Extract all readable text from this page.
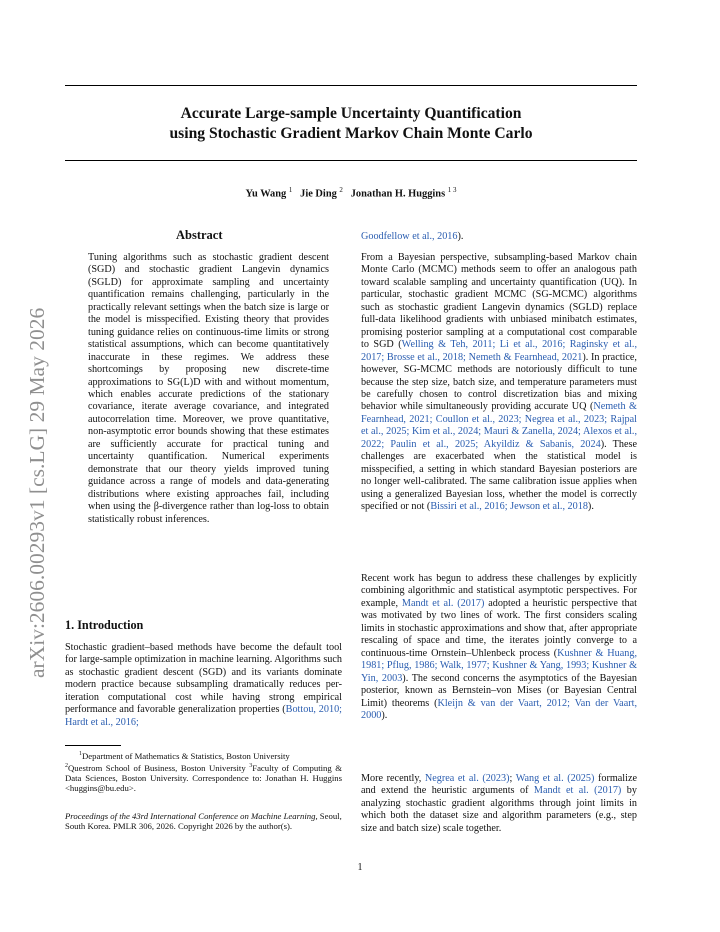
Accurate Large-sample Uncertainty Quantification
using Stochastic Gradient Markov Chain Monte Carlo
Yu Wang $^1$ Jie Ding $^2$ Jonathan H. Huggins $^{1 3}$
arXiv:2606.00293v1 [cs.LG] 29 May 2026
Abstract
Tuning algorithms such as stochastic gradient descent (SGD) and stochastic gradient Langevin dynamics (SGLD) for approximate sampling and uncertainty quantification remains challenging, particularly in the practically relevant settings when the batch size is large or the model is misspecified. Existing theory that provides tuning guidance relies on continuous-time limits or strong statistical assumptions, which can become quantitatively inaccurate in these regimes. We address these shortcomings by proposing new discrete-time approximations to SG(L)D with and without momentum, which enables accurate predictions of the stationary covariance, iterate average covariance, and integrated autocorrelation time. Moreover, we prove quantitative, non-asymptotic error bounds showing that these estimates are sufficiently accurate for practical tuning and uncertainty quantification. Numerical experiments demonstrate that our theory yields improved tuning guidance across a range of models and data-generating distributions where existing approaches fail, including when using the β-divergence rather than log-loss to obtain statistically robust inferences.
1. Introduction
Stochastic gradient–based methods have become the default tool for large-sample optimization in machine learning. Algorithms such as stochastic gradient descent (SGD) and its variants dominate modern practice because subsampling dramatically reduces per-iteration computational cost while having strong empirical performance and favorable generalization properties (Bottou, 2010; Hardt et al., 2016;
$^1$Department of Mathematics & Statistics, Boston University
$^2$Questrom School of Business, Boston University $^3$Faculty of Computing & Data Sciences, Boston University. Correspondence to: Jonathan H. Huggins <huggins@bu.edu>.
Proceedings of the 43rd International Conference on Machine Learning, Seoul, South Korea. PMLR 306, 2026. Copyright 2026 by the author(s).
Goodfellow et al., 2016).
From a Bayesian perspective, subsampling-based Markov chain Monte Carlo (MCMC) methods seem to offer an analogous path toward scalable sampling and uncertainty quantification (UQ). In particular, stochastic gradient MCMC (SG-MCMC) algorithms such as stochastic gradient Langevin dynamics (SGLD) replace full-data likelihood gradients with unbiased minibatch estimates, promising posterior sampling at a computational cost comparable to SGD (Welling & Teh, 2011; Li et al., 2016; Raginsky et al., 2017; Brosse et al., 2018; Nemeth & Fearnhead, 2021). In practice, however, SG-MCMC methods are notoriously difficult to tune because the step size, batch size, and temperature parameters must be carefully chosen to control discretization bias and mixing behavior while simultaneously providing accurate UQ (Nemeth & Fearnhead, 2021; Coullon et al., 2023; Negrea et al., 2023; Rajpal et al., 2025; Kim et al., 2024; Mauri & Zanella, 2024; Alexos et al., 2022; Paulin et al., 2025; Akyildiz & Sabanis, 2024). These challenges are exacerbated when the statistical model is misspecified, a setting in which standard Bayesian posteriors are no longer well-calibrated. The same calibration issue applies when using a generalized Bayesian loss, whether the model is correctly specified or not (Bissiri et al., 2016; Jewson et al., 2018).
Recent work has begun to address these challenges by explicitly combining algorithmic and statistical asymptotic perspectives. For example, Mandt et al. (2017) adopted a heuristic perspective that was motivated by two lines of work. The first considers scaling limits in stochastic approximations and show that, after appropriate rescaling of space and time, the iterates jointly converge to a continuous-time Ornstein–Uhlenbeck process (Kushner & Huang, 1981; Pflug, 1986; Walk, 1977; Kushner & Yang, 1993; Kushner & Yin, 2003). The second concerns the asymptotics of the Bayesian posterior, known as Bernstein–von Mises (or Bayesian Central Limit) theorems (Kleijn & van der Vaart, 2012; Van der Vaart, 2000).
More recently, Negrea et al. (2023); Wang et al. (2025) formalize and extend the heuristic arguments of Mandt et al. (2017) by analyzing stochastic gradient algorithms through joint limits in which both the dataset size and algorithm parameters (e.g., step size and batch size) scale together.
1
